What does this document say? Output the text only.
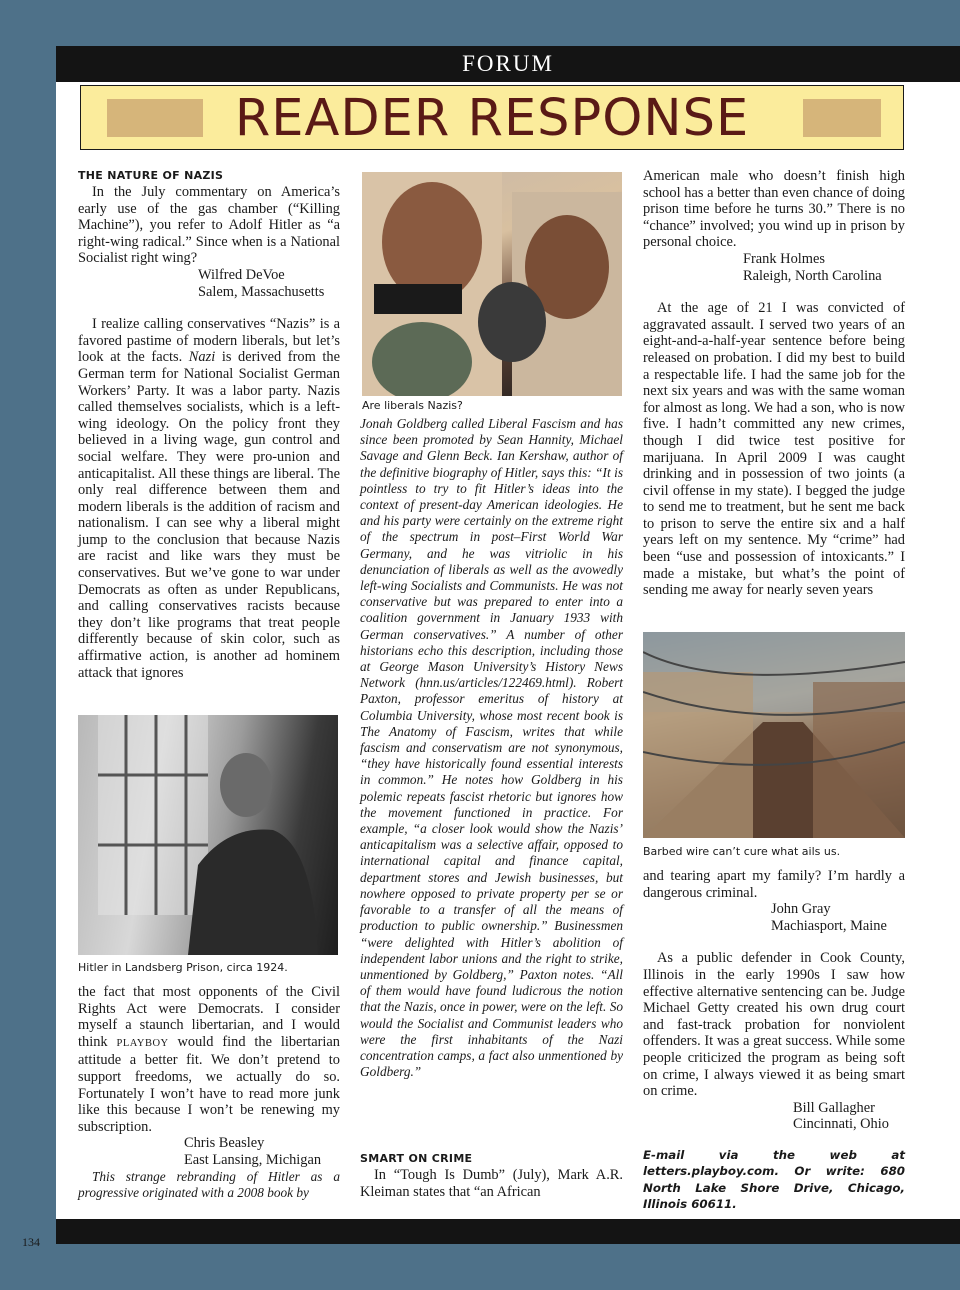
FORUM
READER RESPONSE

THE NATURE OF NAZIS

In the July commentary on America’s early use of the gas chamber (“Killing Machine”), you refer to Adolf Hitler as “a right-wing radical.” Since when is a National Socialist right wing?

Wilfred DeVoe

Salem, Massachusetts

I realize calling conservatives “Nazis” is a favored pastime of modern liberals, but let’s look at the facts. Nazi is derived from the German term for National Socialist German Workers’ Party. It was a labor party. Nazis called themselves socialists, which is a left-wing ideology. On the policy front they believed in a living wage, gun control and social welfare. They were pro-union and anticapitalist. All these things are liberal. The only real difference between them and modern liberals is the addition of racism and nationalism. I can see why a liberal might jump to the conclusion that because Nazis are racist and like wars they must be conservatives. But we’ve gone to war under Democrats as often as under Republicans, and calling conservatives racists because they don’t like programs that treat people differently because of skin color, such as affirmative action, is another ad hominem attack that ignores

Hitler in Landsberg Prison, circa 1924.

the fact that most opponents of the Civil Rights Act were Democrats. I consider myself a staunch libertarian, and I would think PLAYBOY would find the libertarian attitude a better fit. We don’t pretend to support freedoms, we actually do so. Fortunately I won’t have to read more junk like this because I won’t be renewing my subscription.

Chris Beasley

East Lansing, Michigan

This strange rebranding of Hitler as a progressive originated with a 2008 book by

Are liberals Nazis?

Jonah Goldberg called Liberal Fascism and has since been promoted by Sean Hannity, Michael Savage and Glenn Beck. Ian Kershaw, author of the definitive biography of Hitler, says this: “It is pointless to try to fit Hitler’s ideas into the context of present-day American ideologies. He and his party were certainly on the extreme right of the spectrum in post–First World War Germany, and he was vitriolic in his denunciation of liberals as well as the avowedly left-wing Socialists and Communists. He was not conservative but was prepared to enter into a coalition government in January 1933 with German conservatives.” A number of other historians echo this description, including those at George Mason University’s History News Network (hnn.us/articles/122469.html). Robert Paxton, professor emeritus of history at Columbia University, whose most recent book is The Anatomy of Fascism, writes that while fascism and conservatism are not synonymous, “they have historically found essential interests in common.” He notes how Goldberg in his polemic repeats fascist rhetoric but ignores how the movement functioned in practice. For example, “a closer look would show the Nazis’ anticapitalism was a selective affair, opposed to international capital and finance capital, department stores and Jewish businesses, but nowhere opposed to private property per se or favorable to a transfer of all the means of production to public ownership.” Businessmen “were delighted with Hitler’s abolition of independent labor unions and the right to strike, unmentioned by Goldberg,” Paxton notes. “All of them would have found ludicrous the notion that the Nazis, once in power, were on the left. So would the Socialist and Communist leaders who were the first inhabitants of the Nazi concentration camps, a fact also unmentioned by Goldberg.”

SMART ON CRIME

In “Tough Is Dumb” (July), Mark A.R. Kleiman states that “an African

American male who doesn’t finish high school has a better than even chance of doing prison time before he turns 30.” There is no “chance” involved; you wind up in prison by personal choice.

Frank Holmes

Raleigh, North Carolina

At the age of 21 I was convicted of aggravated assault. I served two years of an eight-and-a-half-year sentence before being released on probation. I did my best to build a respectable life. I had the same job for the next six years and was with the same woman for almost as long. We had a son, who is now five. I hadn’t committed any new crimes, though I did twice test positive for marijuana. In April 2009 I was caught drinking and in possession of two joints (a civil offense in my state). I begged the judge to send me to treatment, but he sent me back to prison to serve the entire six and a half years left on my sentence. My “crime” had been “use and possession of intoxicants.” I made a mistake, but what’s the point of sending me away for nearly seven years

Barbed wire can’t cure what ails us.

and tearing apart my family? I’m hardly a dangerous criminal.

John Gray

Machiasport, Maine

As a public defender in Cook County, Illinois in the early 1990s I saw how effective alternative sentencing can be. Judge Michael Getty created his own drug court and fast-track probation for nonviolent offenders. It was a great success. While some people criticized the program as being soft on crime, I always viewed it as being smart on crime.

Bill Gallagher

Cincinnati, Ohio

E-mail via the web at letters.playboy.com. Or write: 680 North Lake Shore Drive, Chicago, Illinois 60611.

134
